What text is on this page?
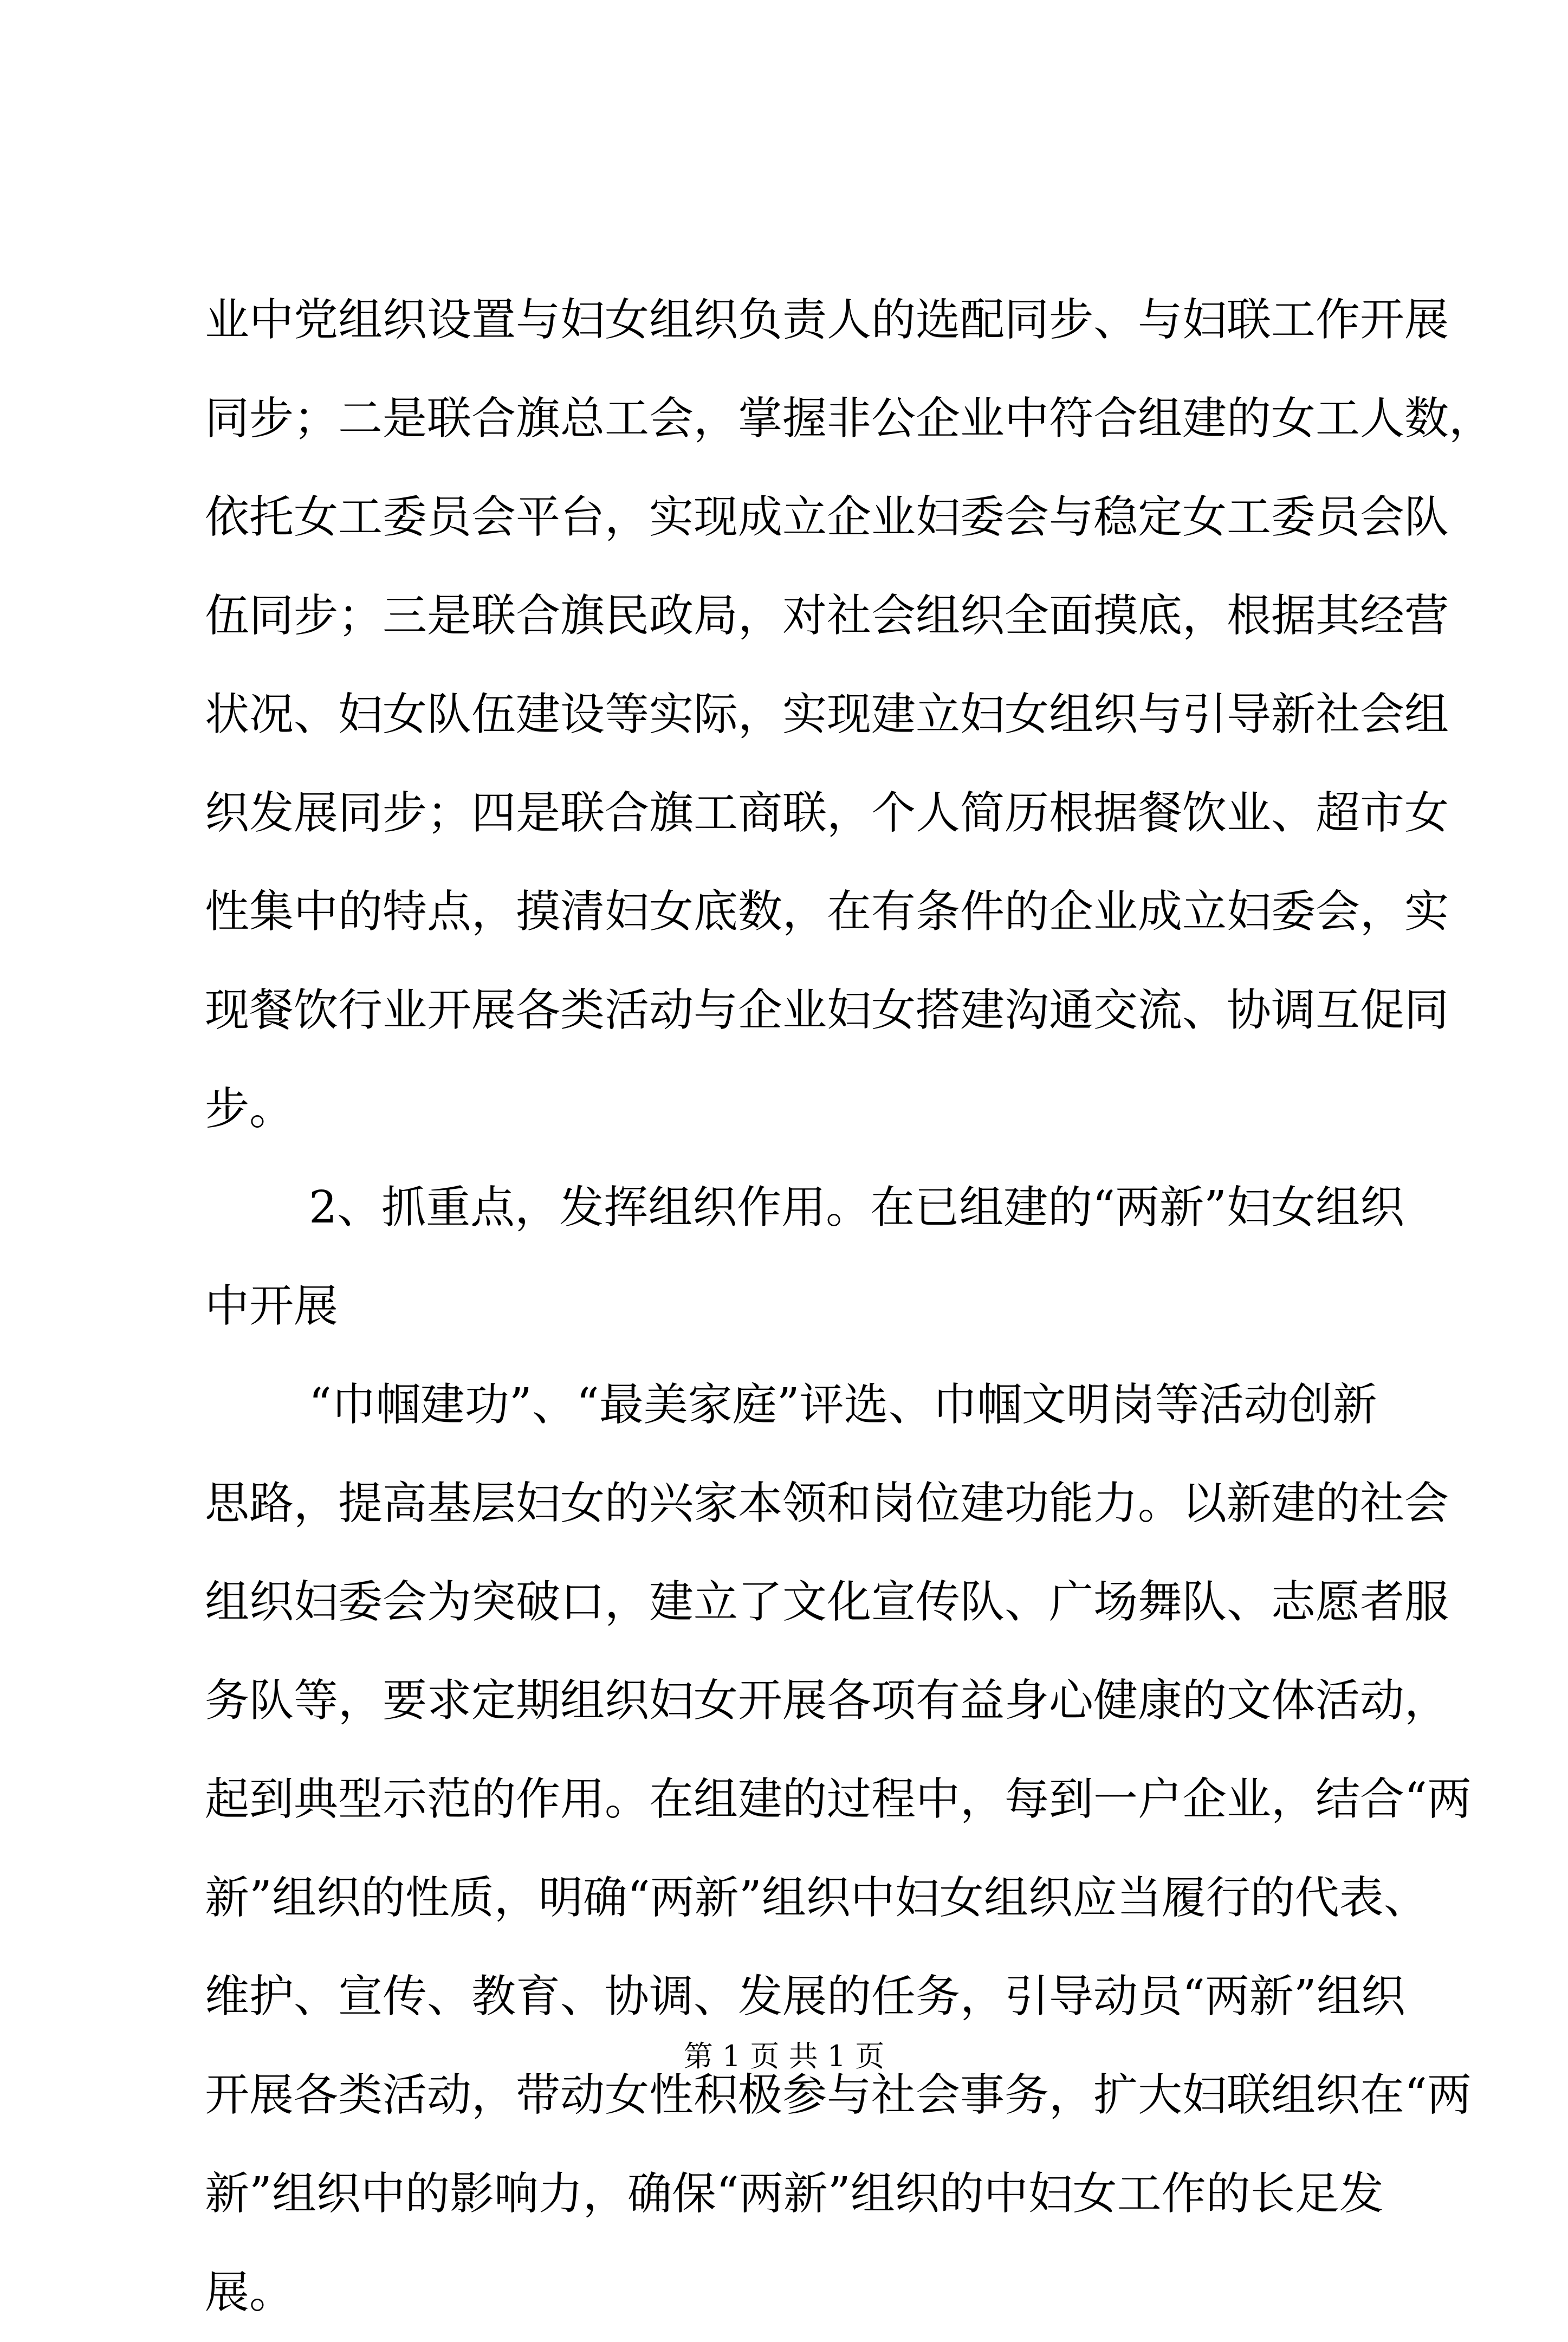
业中党组织设置与妇女组织负责人的选配同步、与妇联工作开展
同步；二是联合旗总工会，掌握非公企业中符合组建的女工人数，
依托女工委员会平台，实现成立企业妇委会与稳定女工委员会队
伍同步；三是联合旗民政局，对社会组织全面摸底，根据其经营
状况、妇女队伍建设等实际，实现建立妇女组织与引导新社会组
织发展同步；四是联合旗工商联，个人简历根据餐饮业、超市女
性集中的特点，摸清妇女底数，在有条件的企业成立妇委会，实
现餐饮行业开展各类活动与企业妇女搭建沟通交流、协调互促同
步。
2、抓重点，发挥组织作用。在已组建的“两新”妇女组织
中开展
“巾帼建功”、“最美家庭”评选、巾帼文明岗等活动创新
思路，提高基层妇女的兴家本领和岗位建功能力。以新建的社会
组织妇委会为突破口，建立了文化宣传队、广场舞队、志愿者服
务队等，要求定期组织妇女开展各项有益身心健康的文体活动，
起到典型示范的作用。在组建的过程中，每到一户企业，结合“两
新”组织的性质，明确“两新”组织中妇女组织应当履行的代表、
维护、宣传、教育、协调、发展的任务，引导动员“两新”组织
开展各类活动，带动女性积极参与社会事务，扩大妇联组织在“两
新”组织中的影响力，确保“两新”组织的中妇女工作的长足发
展。
第 1 页 共 1 页
